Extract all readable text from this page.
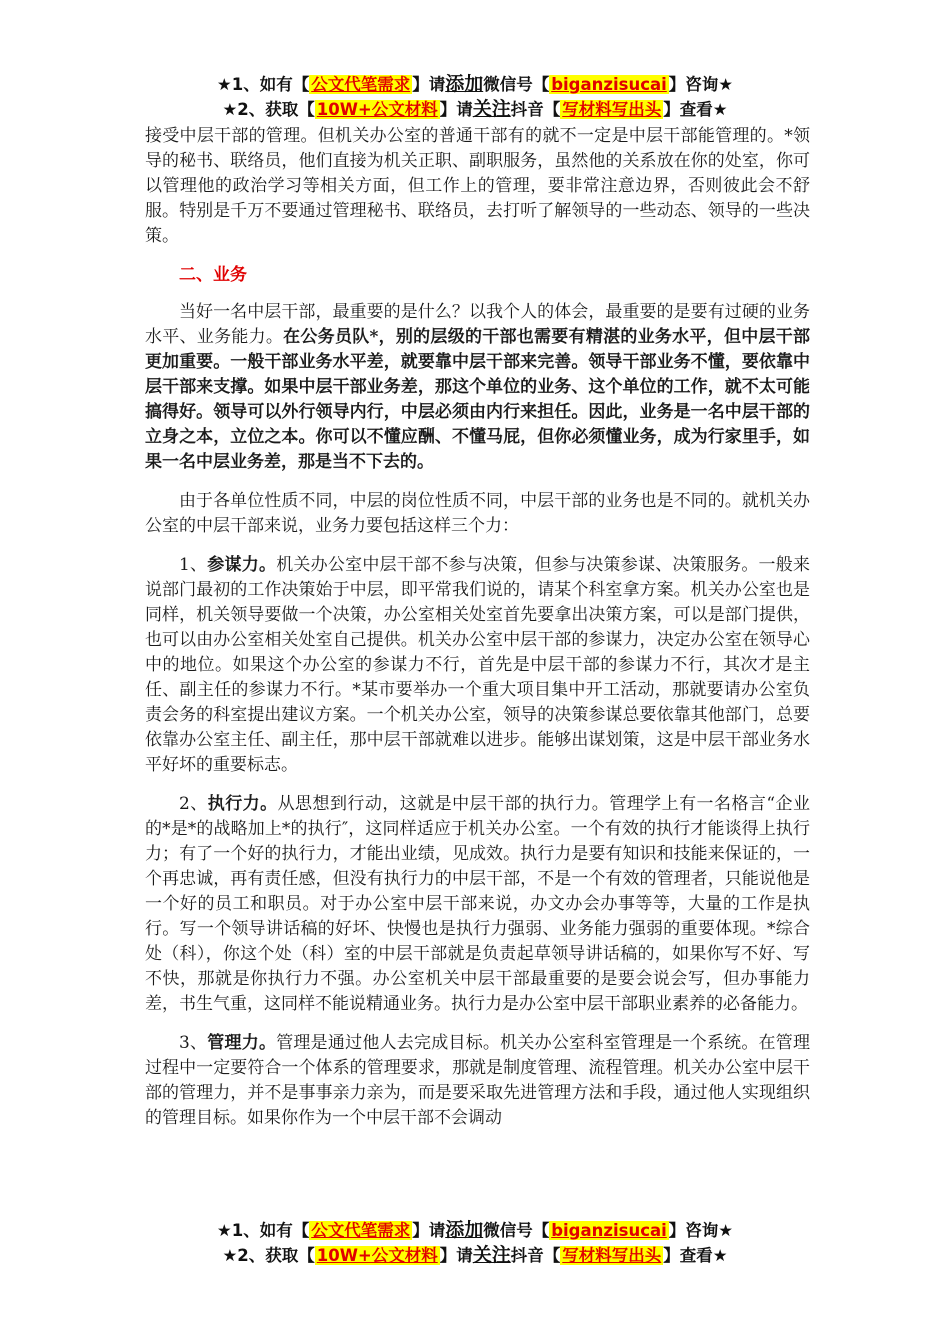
★1、如有【 公文代笔需求 】请添加微信号【 biganzisucai 】咨询★
★2、获取【 10W+公文材料 】请关注抖音【 写材料写出头 】查看★

接受中层干部的管理。但机关办公室的普通干部有的就不一定是中层干部能管理的。*领导的秘书、联络员，他们直接为机关正职、副职服务，虽然他的关系放在你的处室，你可以管理他的政治学习等相关方面，但工作上的管理，要非常注意边界，否则彼此会不舒服。特别是千万不要通过管理秘书、联络员，去打听了解领导的一些动态、领导的一些决策。

二、业务

当好一名中层干部，最重要的是什么？以我个人的体会，最重要的是要有过硬的业务水平、业务能力。在公务员队*，别的层级的干部也需要有精湛的业务水平，但中层干部更加重要。一般干部业务水平差，就要靠中层干部来完善。领导干部业务不懂，要依靠中层干部来支撑。如果中层干部业务差，那这个单位的业务、这个单位的工作，就不太可能搞得好。领导可以外行领导内行，中层必须由内行来担任。因此，业务是一名中层干部的立身之本，立位之本。你可以不懂应酬、不懂马屁，但你必须懂业务，成为行家里手，如果一名中层业务差，那是当不下去的。

由于各单位性质不同，中层的岗位性质不同，中层干部的业务也是不同的。就机关办公室的中层干部来说，业务力要包括这样三个力：

1、参谋力。机关办公室中层干部不参与决策，但参与决策参谋、决策服务。一般来说部门最初的工作决策始于中层，即平常我们说的，请某个科室拿方案。机关办公室也是同样，机关领导要做一个决策，办公室相关处室首先要拿出决策方案，可以是部门提供，也可以由办公室相关处室自己提供。机关办公室中层干部的参谋力，决定办公室在领导心中的地位。如果这个办公室的参谋力不行，首先是中层干部的参谋力不行，其次才是主任、副主任的参谋力不行。*某市要举办一个重大项目集中开工活动，那就要请办公室负责会务的科室提出建议方案。一个机关办公室，领导的决策参谋总要依靠其他部门，总要依靠办公室主任、副主任，那中层干部就难以进步。能够出谋划策，这是中层干部业务水平好坏的重要标志。

2、执行力。从思想到行动，这就是中层干部的执行力。管理学上有一名格言“企业的*是*的战略加上*的执行″，这同样适应于机关办公室。一个有效的执行才能谈得上执行力；有了一个好的执行力，才能出业绩，见成效。执行力是要有知识和技能来保证的，一个再忠诚，再有责任感，但没有执行力的中层干部，不是一个有效的管理者，只能说他是一个好的员工和职员。对于办公室中层干部来说，办文办会办事等等，大量的工作是执行。写一个领导讲话稿的好坏、快慢也是执行力强弱、业务能力强弱的重要体现。*综合处（科），你这个处（科）室的中层干部就是负责起草领导讲话稿的，如果你写不好、写不快，那就是你执行力不强。办公室机关中层干部最重要的是要会说会写，但办事能力差，书生气重，这同样不能说精通业务。执行力是办公室中层干部职业素养的必备能力。

3、管理力。管理是通过他人去完成目标。机关办公室科室管理是一个系统。在管理过程中一定要符合一个体系的管理要求，那就是制度管理、流程管理。机关办公室中层干部的管理力，并不是事事亲力亲为，而是要采取先进管理方法和手段，通过他人实现组织的管理目标。如果你作为一个中层干部不会调动

★1、如有【 公文代笔需求 】请添加微信号【 biganzisucai 】咨询★
★2、获取【 10W+公文材料 】请关注抖音【 写材料写出头 】查看★
